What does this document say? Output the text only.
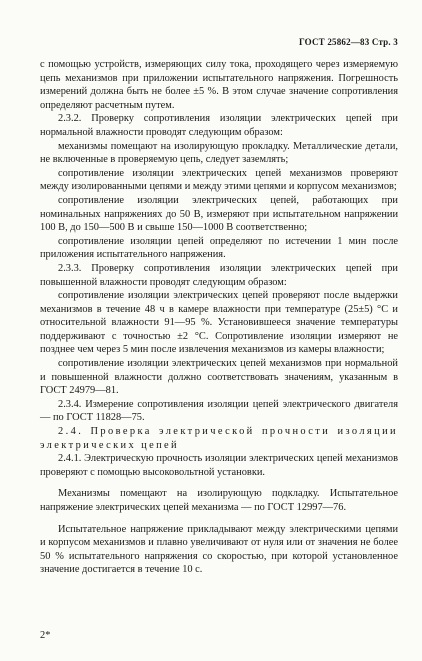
ГОСТ 25862—83 Стр. 3

с помощью устройств, измеряющих силу тока, проходящего через измеряемую цепь механизмов при приложении испытательного напряжения. Погрешность измерений должна быть не более ±5 %. В этом случае значение сопротивления определяют расчетным путем.

2.3.2. Проверку сопротивления изоляции электрических цепей при нормальной влажности проводят следующим образом:

механизмы помещают на изолирующую прокладку. Металлические детали, не включенные в проверяемую цепь, следует заземлять;

сопротивление изоляции электрических цепей механизмов проверяют между изолированными цепями и между этими цепями и корпусом механизмов;

сопротивление изоляции электрических цепей, работающих при номинальных напряжениях до 50 В, измеряют при испытательном напряжении 100 В, до 150—500 В и свыше 150—1000 В соответственно;

сопротивление изоляции цепей определяют по истечении 1 мин после приложения испытательного напряжения.

2.3.3. Проверку сопротивления изоляции электрических цепей при повышенной влажности проводят следующим образом:

сопротивление изоляции электрических цепей проверяют после выдержки механизмов в течение 48 ч в камере влажности при температуре (25±5) °С и относительной влажности 91—95 %. Установившееся значение температуры поддерживают с точностью ±2 °С. Сопротивление изоляции измеряют не позднее чем через 5 мин после извлечения механизмов из камеры влажности;

сопротивление изоляции электрических цепей механизмов при нормальной и повышенной влажности должно соответствовать значениям, указанным в ГОСТ 24979—81.

2.3.4. Измерение сопротивления изоляции цепей электрического двигателя — по ГОСТ 11828—75.

2.4. Проверка электрической прочности изоляции электрических цепей

2.4.1. Электрическую прочность изоляции электрических цепей механизмов проверяют с помощью высоковольтной установки.

Механизмы помещают на изолирующую подкладку. Испытательное напряжение электрических цепей механизма — по ГОСТ 12997—76.

Испытательное напряжение прикладывают между электрическими цепями и корпусом механизмов и плавно увеличивают от нуля или от значения не более 50 % испытательного напряжения со скоростью, при которой установленное значение достигается в течение 10 с.

2*
